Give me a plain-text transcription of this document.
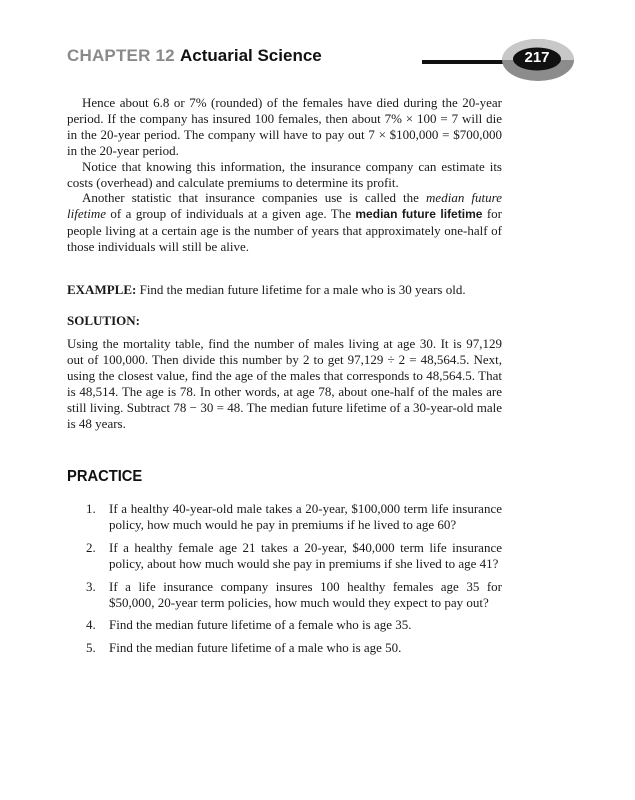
CHAPTER 12 Actuarial Science	217

Hence about 6.8 or 7% (rounded) of the females have died during the 20-year period. If the company has insured 100 females, then about 7% × 100 = 7 will die in the 20-year period. The company will have to pay out 7 × $100,000 = $700,000 in the 20-year period.

Notice that knowing this information, the insurance company can estimate its costs (overhead) and calculate premiums to determine its profit.

Another statistic that insurance companies use is called the median future lifetime of a group of individuals at a given age. The median future lifetime for people living at a certain age is the number of years that approximately one-half of those individuals will still be alive.

EXAMPLE: Find the median future lifetime for a male who is 30 years old.

SOLUTION:

Using the mortality table, find the number of males living at age 30. It is 97,129 out of 100,000. Then divide this number by 2 to get 97,129 ÷ 2 = 48,564.5. Next, using the closest value, find the age of the males that corresponds to 48,564.5. That is 48,514. The age is 78. In other words, at age 78, about one-half of the males are still living. Subtract 78 − 30 = 48. The median future lifetime of a 30-year-old male is 48 years.

PRACTICE
1. If a healthy 40-year-old male takes a 20-year, $100,000 term life insurance policy, how much would he pay in premiums if he lived to age 60?
2. If a healthy female age 21 takes a 20-year, $40,000 term life insurance policy, about how much would she pay in premiums if she lived to age 41?
3. If a life insurance company insures 100 healthy females age 35 for $50,000, 20-year term policies, how much would they expect to pay out?
4. Find the median future lifetime of a female who is age 35.
5. Find the median future lifetime of a male who is age 50.
